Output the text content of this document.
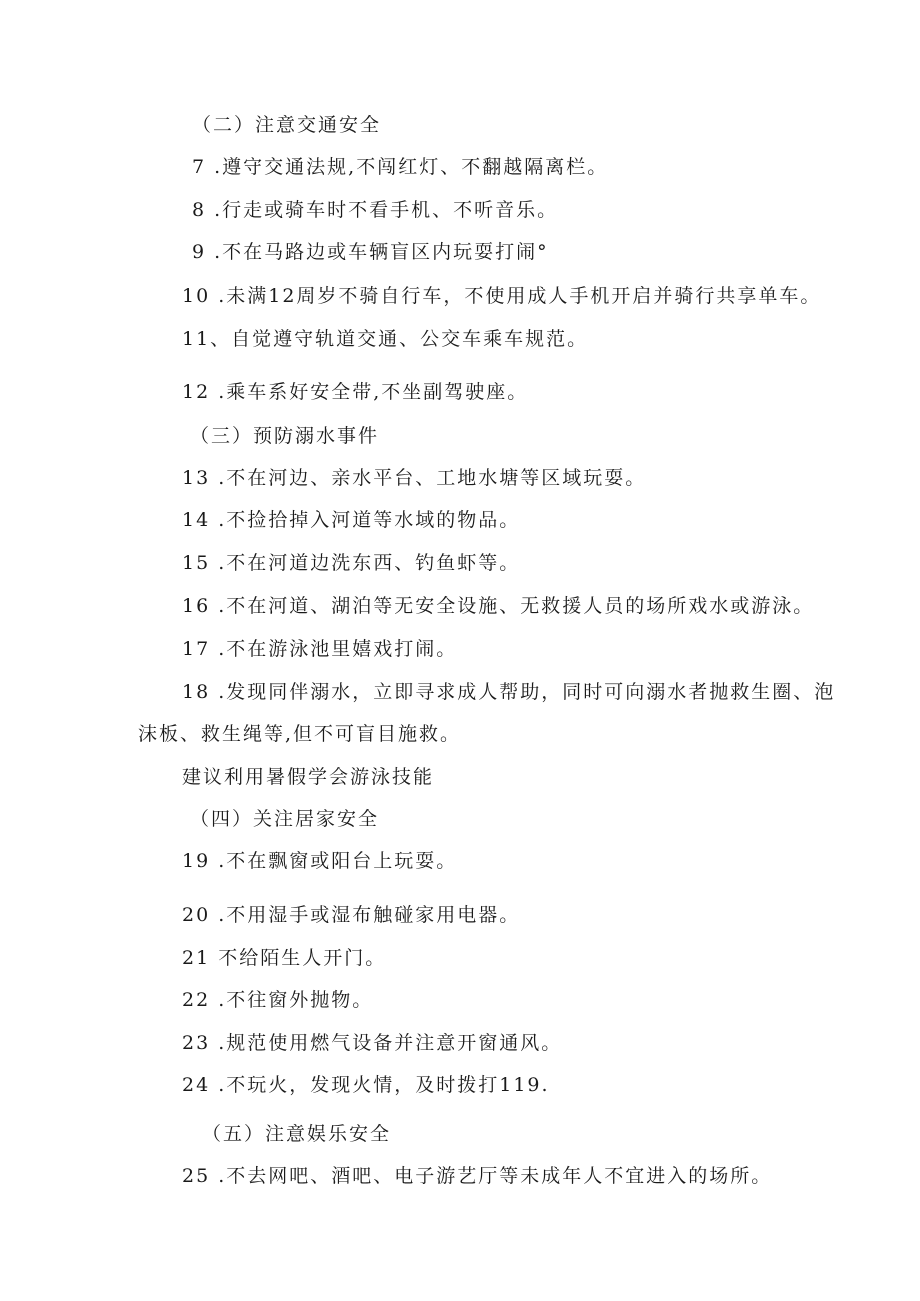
（二）注意交通安全
7 .遵守交通法规,不闯红灯、不翻越隔离栏。
8 .行走或骑车时不看手机、不听音乐。
9 .不在马路边或车辆盲区内玩耍打闹°
10 .未满12周岁不骑自行车，不使用成人手机开启并骑行共享单车。
11、自觉遵守轨道交通、公交车乘车规范。
12 .乘车系好安全带,不坐副驾驶座。
（三）预防溺水事件
13 .不在河边、亲水平台、工地水塘等区域玩耍。
14 .不捡拾掉入河道等水域的物品。
15 .不在河道边洗东西、钓鱼虾等。
16 .不在河道、湖泊等无安全设施、无救援人员的场所戏水或游泳。
17 .不在游泳池里嬉戏打闹。
18 .发现同伴溺水，立即寻求成人帮助，同时可向溺水者抛救生圈、泡
沫板、救生绳等,但不可盲目施救。
建议利用暑假学会游泳技能
（四）关注居家安全
19 .不在飘窗或阳台上玩耍。
20 .不用湿手或湿布触碰家用电器。
21 不给陌生人开门。
22 .不往窗外抛物。
23 .规范使用燃气设备并注意开窗通风。
24 .不玩火，发现火情，及时拨打119.
（五）注意娱乐安全
25 .不去网吧、酒吧、电子游艺厅等未成年人不宜进入的场所。
